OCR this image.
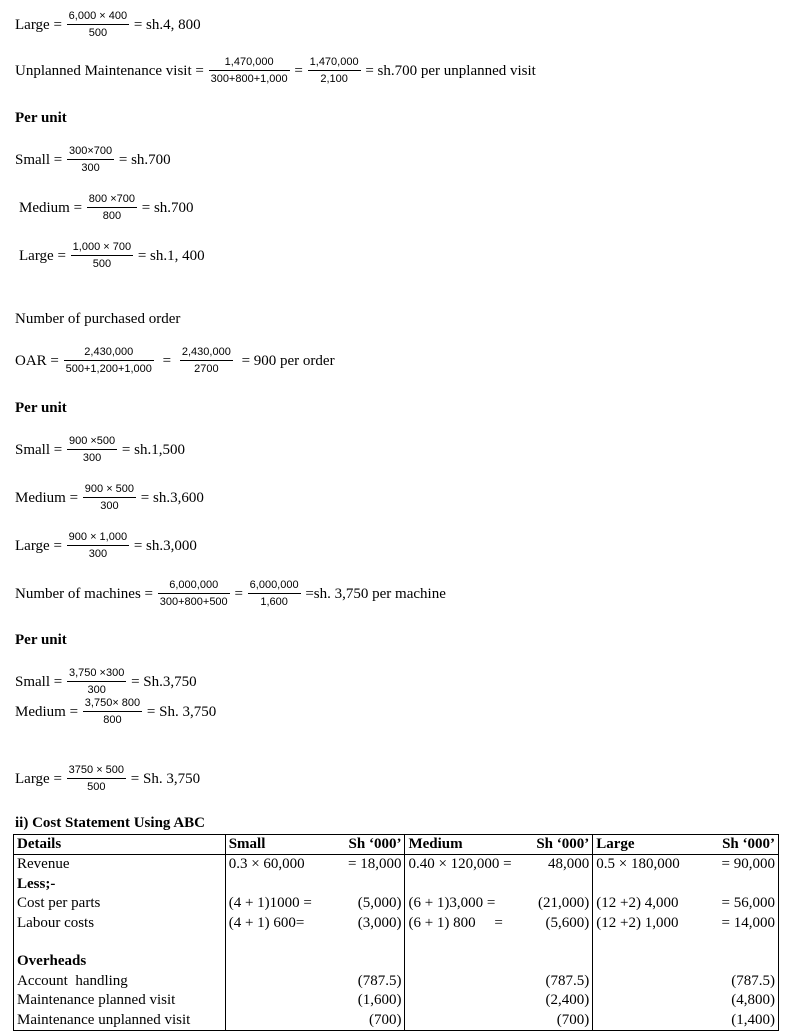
Large = $\frac{6,000 \times 400}{500} = sh.4$, 800
Unplanned Maintenance visit = $\frac{1,470,000}{300+800+1,000} = \frac{1,470,000}{2,100} = sh.700$ per unplanned visit
Per unit
Small = $\frac{300\times 700}{300} = sh.700$
Medium = $\frac{800 \times 700}{800} = sh.700$
Large = $\frac{1,000 \times 700}{500} = sh.1$, 400
Number of purchased order
OAR = $\frac{2,430,000}{500+1,200+1,000} = \frac{2,430,000}{2700} = 900$ per order
Per unit
Small = $\frac{900 \times 500}{300} = sh.1,500$
Medium = $\frac{900 \times 500}{300} = sh.3,600$
Large = $\frac{900 \times 1,000}{300} = sh.3,000$
Number of machines = $\frac{6,000,000}{300+800+500} = \frac{6,000,000}{1,600} =sh$. 3,750 per machine
Per unit
Small = $\frac{3,750 \times 300}{300} = Sh.3,750$
Medium = $\frac{3,750\times 800}{800} = Sh$. 3,750
Large = $\frac{3750 \times 500}{500} = Sh$. 3,750
ii) Cost Statement Using ABC
Details	Small	Sh ‘000’	Medium	Sh ‘000’	Large	Sh ‘000’
Revenue	0.3 × 60,000	= 18,000	0.40 × 120,000 =	48,000	0.5 × 180,000	= 90,000
Less;-						
Cost per parts	(4 + 1)1000 =	(5,000)	(6 + 1)3,000 =	(21,000)	(12 +2) 4,000	= 56,000
Labour costs	(4 + 1) 600=	(3,000)	(6 + 1) 800     =	(5,600)	(12 +2) 1,000	= 14,000

Overheads						
Account  handling		(787.5)		(787.5)		(787.5)
Maintenance planned visit		(1,600)		(2,400)		(4,800)
Maintenance unplanned visit		(700)		(700)		(1,400)
